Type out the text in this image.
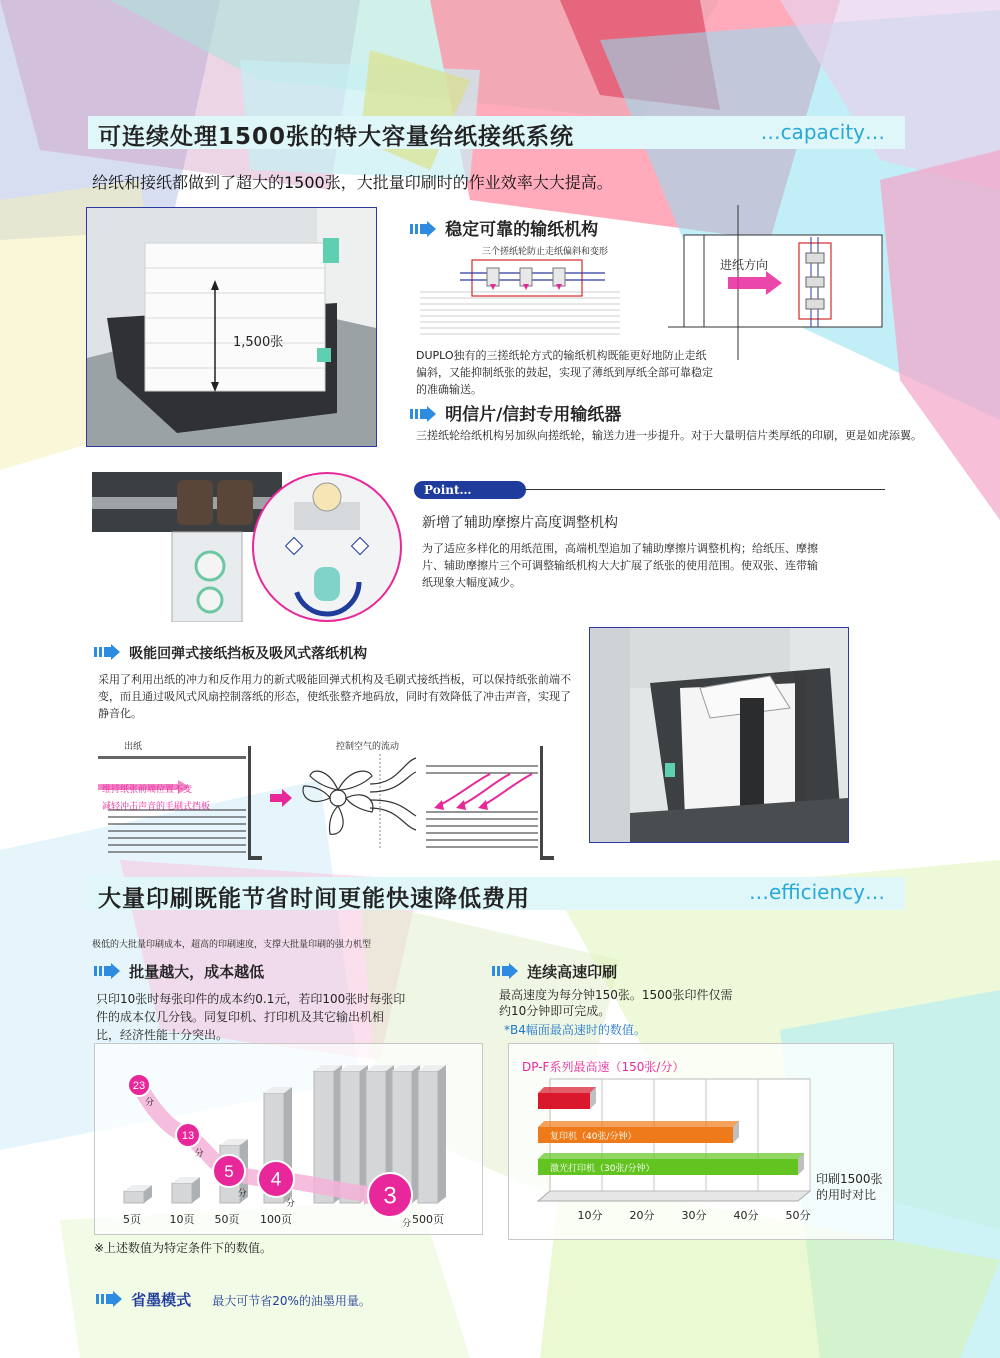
可连续处理1500张的特大容量给纸接纸系统	…capacity…
给纸和接纸都做到了超大的1500张，大批量印刷时的作业效率大大提高。
1,500张
稳定可靠的输纸机构
三个搓纸轮防止走纸偏斜和变形
进纸方向
DUPLO独有的三搓纸轮方式的输纸机构既能更好地防止走纸偏斜，又能抑制纸张的鼓起，实现了薄纸到厚纸全部可靠稳定的准确输送。
明信片/信封专用输纸器
三搓纸轮给纸机构另加纵向搓纸轮，输送力进一步提升。对于大量明信片类厚纸的印刷，更是如虎添翼。
Point…
新增了辅助摩擦片高度调整机构
为了适应多样化的用纸范围，高端机型追加了辅助摩擦片调整机构；给纸压、摩擦片、辅助摩擦片三个可调整输纸机构大大扩展了纸张的使用范围。使双张、连带输纸现象大幅度减少。
吸能回弹式接纸挡板及吸风式落纸机构
采用了利用出纸的冲力和反作用力的新式吸能回弹式机构及毛刷式接纸挡板，可以保持纸张前端不变，而且通过吸风式风扇控制落纸的形态，使纸张整齐地码放，同时有效降低了冲击声音，实现了静音化。
出纸	控制空气的流动
维持纸张前端位置不变
减轻冲击声音的毛刷式挡板
大量印刷既能节省时间更能快速降低费用	…efficiency…
极低的大批量印刷成本，超高的印刷速度，支撑大批量印刷的强力机型
批量越大，成本越低
只印10张时每张印件的成本约0.1元，若印100张时每张印件的成本仅几分钱。同复印机、打印机及其它输出机相比，经济性能十分突出。
连续高速印刷
最高速度为每分钟150张。1500张印件仅需约10分钟即可完成。
*B4幅面最高速时的数值。
23
分
13
分
5
分
4
分	3
分
5页	10页 50页 100页	500页
DP-F系列最高速（150张/分）
10分 20分 30分 40分 50分
复印机（40张/分钟）
激光打印机（30张/分钟）
印刷1500张
的用时对比
※上述数值为特定条件下的数值。
省墨模式 最大可节省20%的油墨用量。
